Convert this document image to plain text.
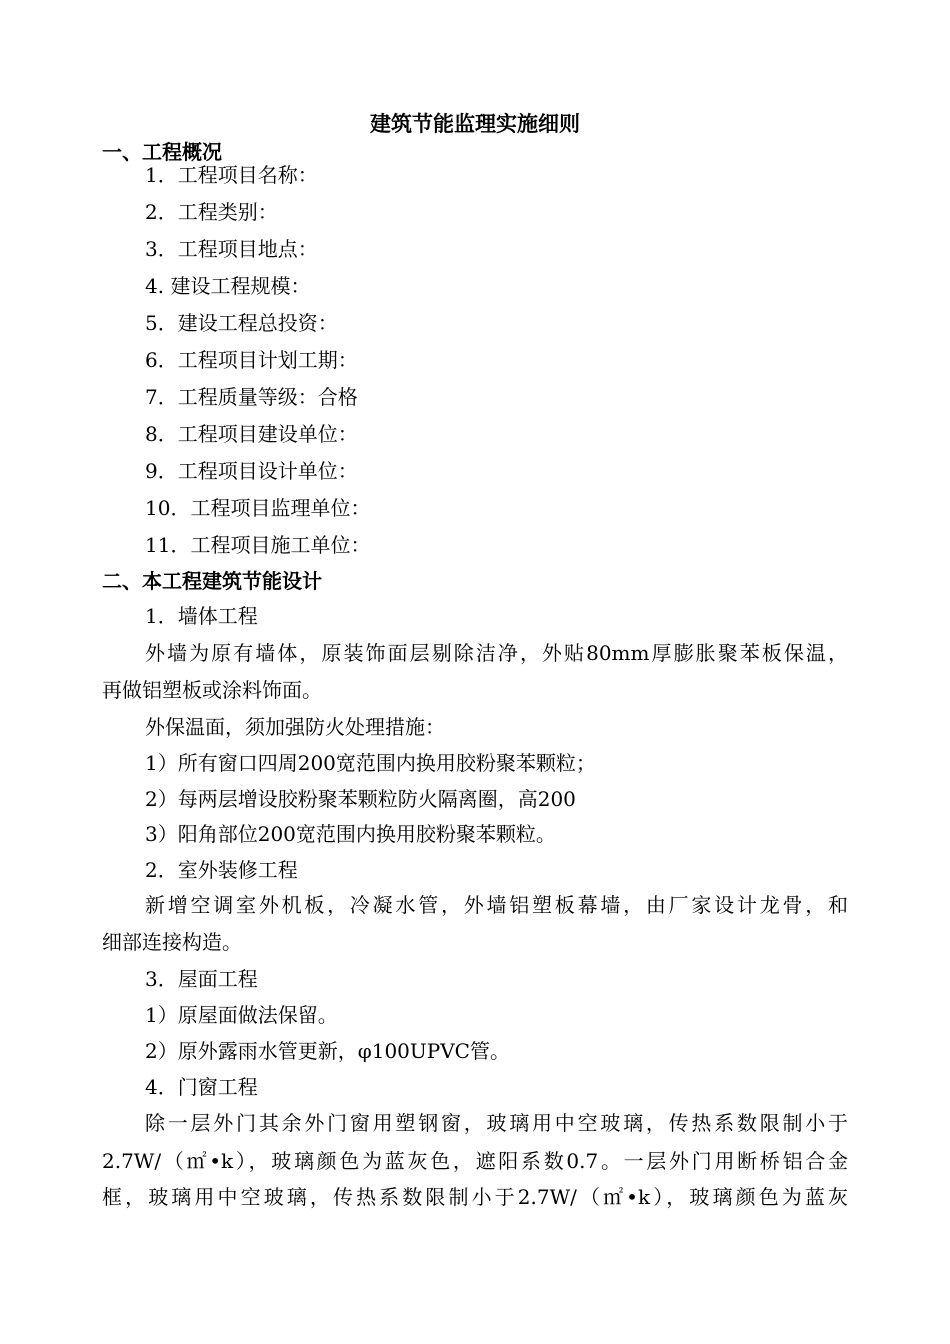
建筑节能监理实施细则
一、工程概况
1．工程项目名称：
2．工程类别：
3．工程项目地点：
4. 建设工程规模：
5．建设工程总投资：
6．工程项目计划工期：
7．工程质量等级：合格
8．工程项目建设单位：
9．工程项目设计单位：
10．工程项目监理单位：
11．工程项目施工单位：
二、本工程建筑节能设计
1．墙体工程
外墙为原有墙体，原装饰面层剔除洁净，外贴80mm厚膨胀聚苯板保温，
再做铝塑板或涂料饰面。
外保温面，须加强防火处理措施：
1）所有窗口四周200宽范围内换用胶粉聚苯颗粒；
2）每两层增设胶粉聚苯颗粒防火隔离圈，高200
3）阳角部位200宽范围内换用胶粉聚苯颗粒。
2．室外装修工程
新增空调室外机板，冷凝水管，外墙铝塑板幕墙，由厂家设计龙骨，和
细部连接构造。
3．屋面工程
1）原屋面做法保留。
2）原外露雨水管更新，φ100UPVC管。
4．门窗工程
除一层外门其余外门窗用塑钢窗，玻璃用中空玻璃，传热系数限制小于
2.7W/（㎡•k），玻璃颜色为蓝灰色，遮阳系数0.7。一层外门用断桥铝合金
框，玻璃用中空玻璃，传热系数限制小于2.7W/（㎡•k），玻璃颜色为蓝灰
